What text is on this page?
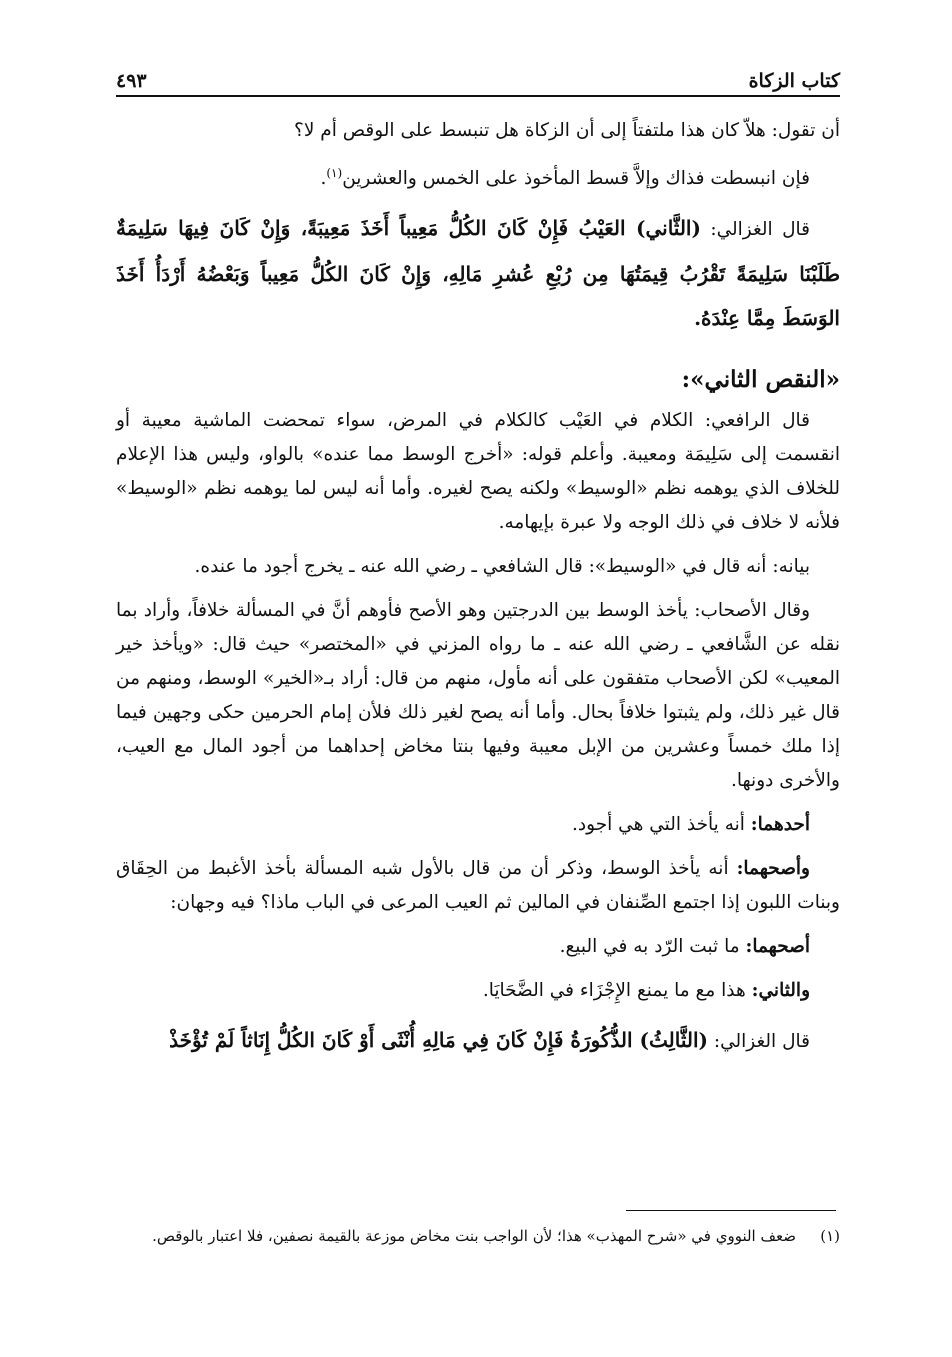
كتاب الزكاة
٤٩٣

أن تقول: هلاّ كان هذا ملتفتاً إلى أن الزكاة هل تنبسط على الوقص أم لا؟

فإن انبسطت فذاك وإلاَّ قسط المأخوذ على الخمس والعشرين$^{(١)}$.

قال الغزالي: (الثَّاني) العَيْبُ فَإِنْ كَانَ الكُلُّ مَعِيباً أَخَذَ مَعِيبَةً، وَإِنْ كَانَ فِيهَا سَلِيمَةٌ طَلَبْنَا سَلِيمَةً تَقْرُبُ قِيمَتُهَا مِن رُبْعِ عُشرِ مَالِهِ، وَإِنْ كَانَ الكُلُّ مَعِيباً وَبَعْضُهُ أَرْدَأُ أَخَذَ الوَسَطَ مِمَّا عِنْدَهُ.

«النقص الثاني»:

قال الرافعي: الكلام في العَيْب كالكلام في المرض، سواء تمحضت الماشية معيبة أو انقسمت إلى سَلِيمَة ومعيبة. وأعلم قوله: «أخرج الوسط مما عنده» بالواو، وليس هذا الإعلام للخلاف الذي يوهمه نظم «الوسيط» ولكنه يصح لغيره. وأما أنه ليس لما يوهمه نظم «الوسيط» فلأنه لا خلاف في ذلك الوجه ولا عبرة بإيهامه.

بيانه: أنه قال في «الوسيط»: قال الشافعي ـ رضي الله عنه ـ يخرج أجود ما عنده.

وقال الأصحاب: يأخذ الوسط بين الدرجتين وهو الأصح فأوهم أنَّ في المسألة خلافاً، وأراد بما نقله عن الشَّافعي ـ رضي الله عنه ـ ما رواه المزني في «المختصر» حيث قال: «ويأخذ خير المعيب» لكن الأصحاب متفقون على أنه مأول، منهم من قال: أراد بـ«الخير» الوسط، ومنهم من قال غير ذلك، ولم يثبتوا خلافاً بحال. وأما أنه يصح لغير ذلك فلأن إمام الحرمين حكى وجهين فيما إذا ملك خمساً وعشرين من الإبل معيبة وفيها بنتا مخاض إحداهما من أجود المال مع العيب، والأخرى دونها.

أحدهما: أنه يأخذ التي هي أجود.

وأصحهما: أنه يأخذ الوسط، وذكر أن من قال بالأول شبه المسألة بأخذ الأغبط من الحِقَاق وبنات اللبون إذا اجتمع الصِّنفان في المالين ثم العيب المرعى في الباب ماذا؟ فيه وجهان:

أصحهما: ما ثبت الرّد به في البيع.

والثاني: هذا مع ما يمنع الإِجْزَاء في الضَّحَايَا.

قال الغزالي: (الثَّالِثُ) الذُّكُورَةُ فَإِنْ كَانَ فِي مَالِهِ أُنْثَى أَوْ كَانَ الكُلُّ إِنَاثاً لَمْ تُؤْخَذْ

(١)
ضعف النووي في «شرح المهذب» هذا؛ لأن الواجب بنت مخاض موزعة بالقيمة نصفين، فلا اعتبار بالوقص.
